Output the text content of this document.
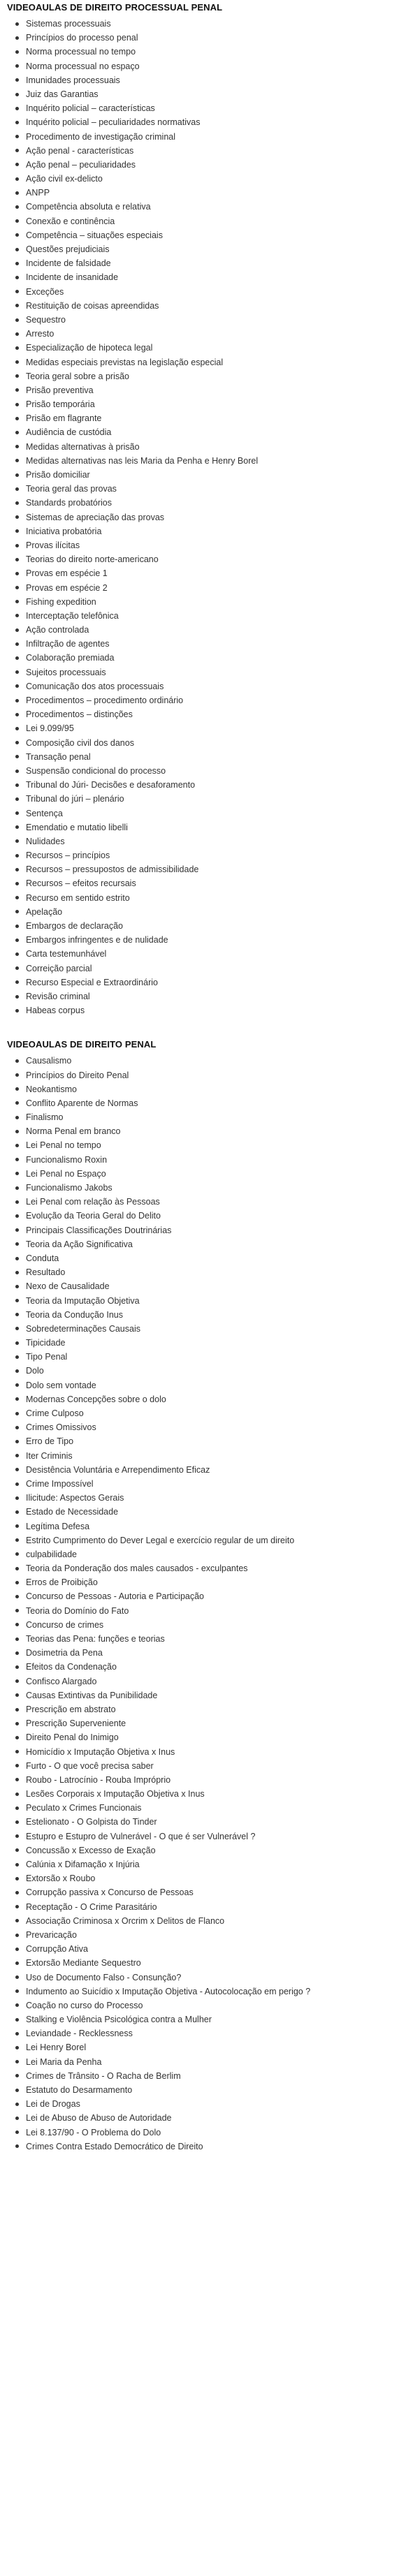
VIDEOAULAS DE DIREITO PROCESSUAL PENAL
Sistemas processuais
Princípios do processo penal
Norma processual no tempo
Norma processual no espaço
Imunidades processuais
Juiz das Garantias
Inquérito policial – características
Inquérito policial – peculiaridades normativas
Procedimento de investigação criminal
Ação penal - características
Ação penal – peculiaridades
Ação civil ex-delicto
ANPP
Competência absoluta e relativa
Conexão e continência
Competência – situações especiais
Questões prejudiciais
Incidente de falsidade
Incidente de insanidade
Exceções
Restituição de coisas apreendidas
Sequestro
Arresto
Especialização de hipoteca legal
Medidas especiais previstas na legislação especial
Teoria geral sobre a prisão
Prisão preventiva
Prisão temporária
Prisão em flagrante
Audiência de custódia
Medidas alternativas à prisão
Medidas alternativas nas leis Maria da Penha e Henry Borel
Prisão domiciliar
Teoria geral das provas
Standards probatórios
Sistemas de apreciação das provas
Iniciativa probatória
Provas ilícitas
Teorias do direito norte-americano
Provas em espécie 1
Provas em espécie 2
Fishing expedition
Interceptação telefônica
Ação controlada
Infiltração de agentes
Colaboração premiada
Sujeitos processuais
Comunicação dos atos processuais
Procedimentos – procedimento ordinário
Procedimentos – distinções
Lei 9.099/95
Composição civil dos danos
Transação penal
Suspensão condicional do processo
Tribunal do Júri- Decisões e desaforamento
Tribunal do júri – plenário
Sentença
Emendatio e mutatio libelli
Nulidades
Recursos – princípios
Recursos – pressupostos de admissibilidade
Recursos – efeitos recursais
Recurso em sentido estrito
Apelação
Embargos de declaração
Embargos infringentes e de nulidade
Carta testemunhável
Correição parcial
Recurso Especial e Extraordinário
Revisão criminal
Habeas corpus
VIDEOAULAS DE DIREITO PENAL
Causalismo
Princípios do Direito Penal
Neokantismo
Conflito Aparente de Normas
Finalismo
Norma Penal em branco
Lei Penal no tempo
Funcionalismo Roxin
Lei Penal no Espaço
Funcionalismo Jakobs
Lei Penal com relação às Pessoas
Evolução da Teoria Geral do Delito
Principais Classificações Doutrinárias
Teoria da Ação Significativa
Conduta
Resultado
Nexo de Causalidade
Teoria da Imputação Objetiva
Teoria da Condução Inus
Sobredeterminações Causais
Tipicidade
Tipo Penal
Dolo
Dolo sem vontade
Modernas Concepções sobre o dolo
Crime Culposo
Crimes Omissivos
Erro de Tipo
Iter Criminis
Desistência Voluntária e Arrependimento Eficaz
Crime Impossível
Ilicitude: Aspectos Gerais
Estado de Necessidade
Legítima Defesa
Estrito Cumprimento do Dever Legal e exercício regular de um direito
culpabilidade
Teoria da Ponderação dos males causados - exculpantes
Erros de Proibição
Concurso de Pessoas - Autoria e Participação
Teoria do Domínio do Fato
Concurso de crimes
Teorias das Pena: funções e teorias
Dosimetria da Pena
Efeitos da Condenação
Confisco Alargado
Causas Extintivas da Punibilidade
Prescrição em abstrato
Prescrição Superveniente
Direito Penal do Inimigo
Homicídio x Imputação Objetiva x Inus
Furto - O que você precisa saber
Roubo - Latrocínio - Rouba Impróprio
Lesões Corporais x Imputação Objetiva x Inus
Peculato x Crimes Funcionais
Estelionato - O Golpista do Tinder
Estupro e Estupro de Vulnerável - O que é ser Vulnerável ?
Concussão x Excesso de Exação
Calúnia x Difamação x Injúria
Extorsão x Roubo
Corrupção passiva x Concurso de Pessoas
Receptação - O Crime Parasitário
Associação Criminosa x Orcrim x Delitos de Flanco
Prevaricação
Corrupção Ativa
Extorsão Mediante Sequestro
Uso de Documento Falso - Consunção?
Indumento ao Suicídio x Imputação Objetiva - Autocolocação em perigo ?
Coação no curso do Processo
Stalking e Violência Psicológica contra a Mulher
Leviandade - Recklessness
Lei Henry Borel
Lei Maria da Penha
Crimes de Trânsito - O Racha de Berlim
Estatuto do Desarmamento
Lei de Drogas
Lei de Abuso de Abuso de Autoridade
Lei 8.137/90 - O Problema do Dolo
Crimes Contra Estado Democrático de Direito
